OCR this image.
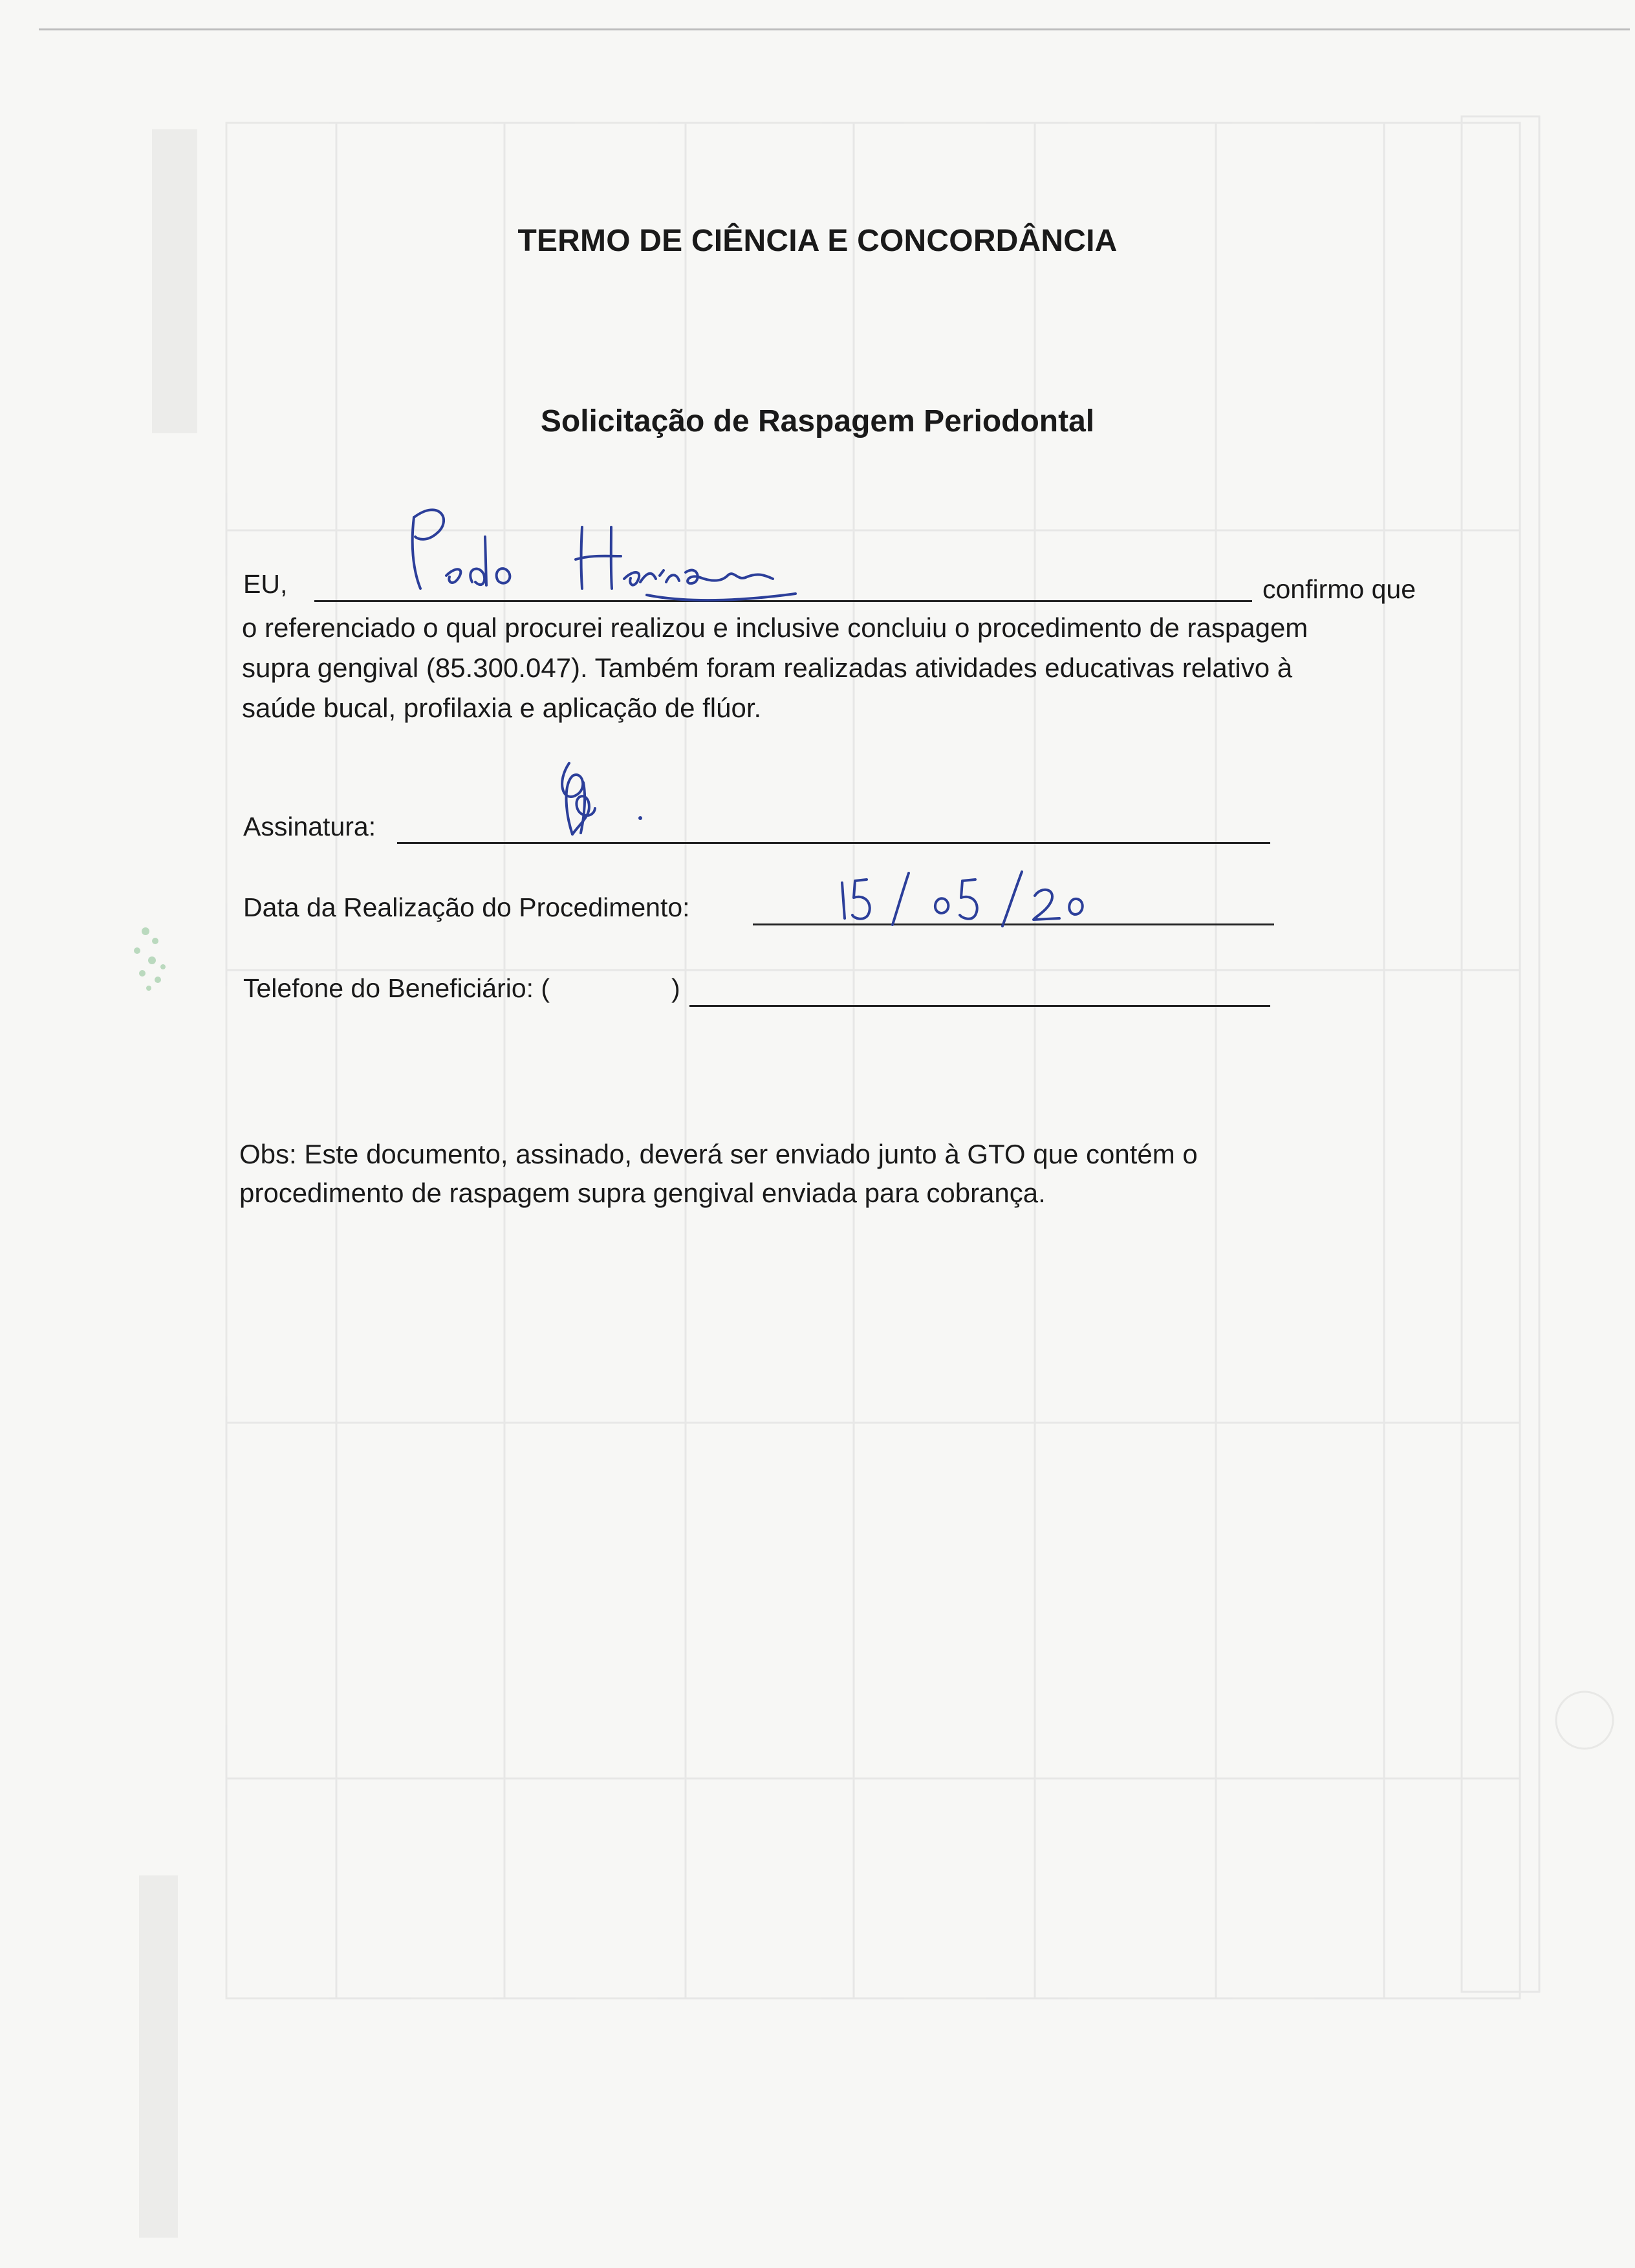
TERMO DE CIÊNCIA E CONCORDÂNCIA
Solicitação de Raspagem Periodontal
EU,	confirmo que

o referenciado o qual procurei realizou e inclusive concluiu o procedimento de raspagem
supra gengival (85.300.047). Também foram realizadas atividades educativas relativo à
saúde bucal, profilaxia e aplicação de flúor.

Assinatura:
Data da Realização do Procedimento:
Telefone do Beneficiário: (	)

Obs: Este documento, assinado, deverá ser enviado junto à GTO que contém o
procedimento de raspagem supra gengival enviada para cobrança.
